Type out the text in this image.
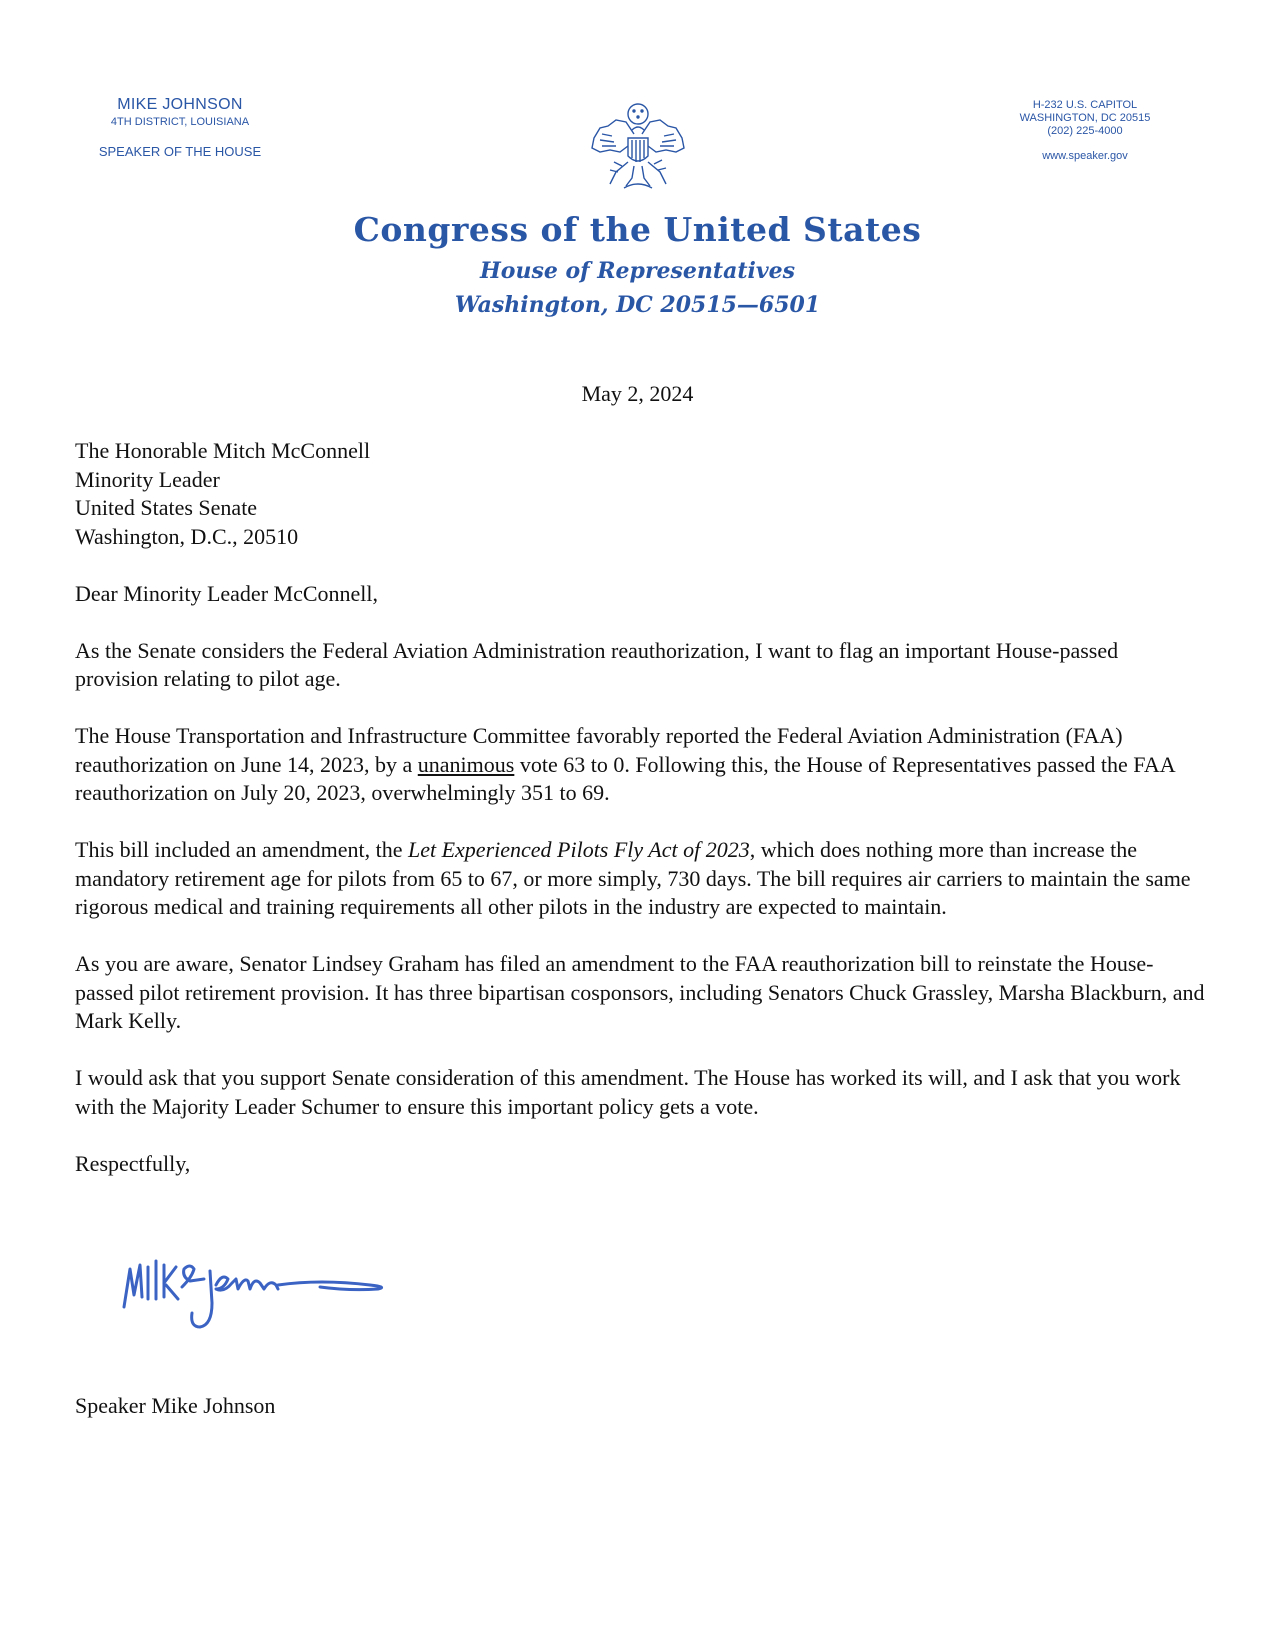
MIKE JOHNSON
4TH DISTRICT, LOUISIANA
SPEAKER OF THE HOUSE
H-232 U.S. CAPITOL
WASHINGTON, DC 20515
(202) 225-4000
www.speaker.gov
Congress of the United States
House of Representatives
Washington, DC 20515—6501
May 2, 2024

The Honorable Mitch McConnell

Minority Leader

United States Senate

Washington, D.C., 20510

Dear Minority Leader McConnell,

As the Senate considers the Federal Aviation Administration reauthorization, I want to flag an important House-passed provision relating to pilot age.

The House Transportation and Infrastructure Committee favorably reported the Federal Aviation Administration (FAA) reauthorization on June 14, 2023, by a unanimous vote 63 to 0. Following this, the House of Representatives passed the FAA reauthorization on July 20, 2023, overwhelmingly 351 to 69.

This bill included an amendment, the Let Experienced Pilots Fly Act of 2023, which does nothing more than increase the mandatory retirement age for pilots from 65 to 67, or more simply, 730 days. The bill requires air carriers to maintain the same rigorous medical and training requirements all other pilots in the industry are expected to maintain.

As you are aware, Senator Lindsey Graham has filed an amendment to the FAA reauthorization bill to reinstate the House-passed pilot retirement provision. It has three bipartisan cosponsors, including Senators Chuck Grassley, Marsha Blackburn, and Mark Kelly.

I would ask that you support Senate consideration of this amendment. The House has worked its will, and I ask that you work with the Majority Leader Schumer to ensure this important policy gets a vote.

Respectfully,

Speaker Mike Johnson
